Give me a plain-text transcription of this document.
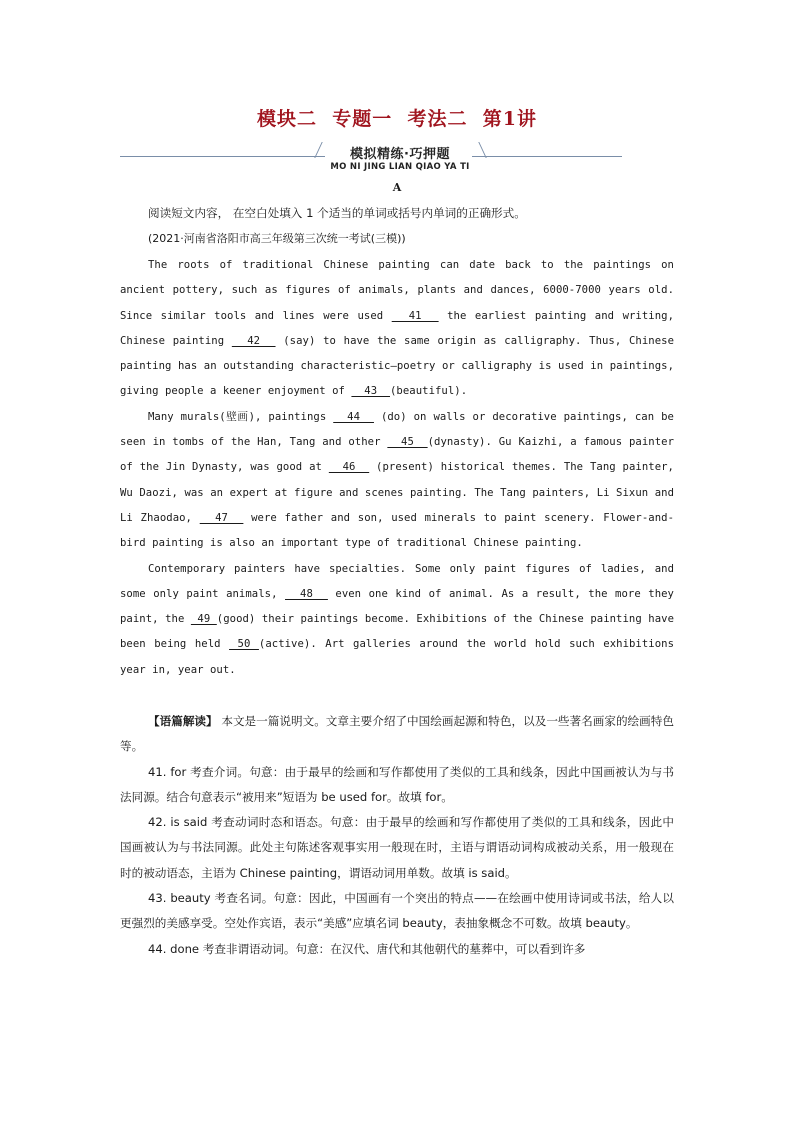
模块二  专题一  考法二  第1讲
模拟精练·巧押题
MO NI JING LIAN QIAO YA TI
A

阅读短文内容， 在空白处填入 1 个适当的单词或括号内单词的正确形式。

(2021·河南省洛阳市高三年级第三次统一考试(三模))

The roots of traditional Chinese painting can date back to the paintings on ancient pottery, such as figures of animals, plants and dances, 6000-7000 years old. Since similar tools and lines were used   41   the earliest painting and writing, Chinese painting   42   (say) to have the same origin as calligraphy. Thus, Chinese painting has an outstanding characteristic—poetry or calligraphy is used in paintings, giving people a keener enjoyment of   43  (beautiful).

Many murals(壁画), paintings   44   (do) on walls or decorative paintings, can be seen in tombs of the Han, Tang and other   45  (dynasty). Gu Kaizhi, a famous painter of the Jin Dynasty, was good at   46   (present) historical themes. The Tang painter, Wu Daozi, was an expert at figure and scenes painting. The Tang painters, Li Sixun and Li Zhaodao,   47   were father and son, used minerals to paint scenery. Flower-and-bird painting is also an important type of traditional Chinese painting.

Contemporary painters have specialties. Some only paint figures of ladies, and some only paint animals,   48   even one kind of animal. As a result, the more they paint, the  49 (good) their paintings become. Exhibitions of the Chinese painting have been being held  50 (active). Art galleries around the world hold such exhibitions year in, year out.

【语篇解读】 本文是一篇说明文。文章主要介绍了中国绘画起源和特色，以及一些著名画家的绘画特色等。

41. for 考查介词。句意：由于最早的绘画和写作都使用了类似的工具和线条，因此中国画被认为与书法同源。结合句意表示“被用来”短语为 be used for。故填 for。

42. is said 考查动词时态和语态。句意：由于最早的绘画和写作都使用了类似的工具和线条，因此中国画被认为与书法同源。此处主句陈述客观事实用一般现在时，主语与谓语动词构成被动关系，用一般现在时的被动语态，主语为 Chinese painting，谓语动词用单数。故填 is said。

43. beauty 考查名词。句意：因此，中国画有一个突出的特点——在绘画中使用诗词或书法，给人以更强烈的美感享受。空处作宾语，表示“美感”应填名词 beauty，表抽象概念不可数。故填 beauty。

44. done 考查非谓语动词。句意：在汉代、唐代和其他朝代的墓葬中，可以看到许多
